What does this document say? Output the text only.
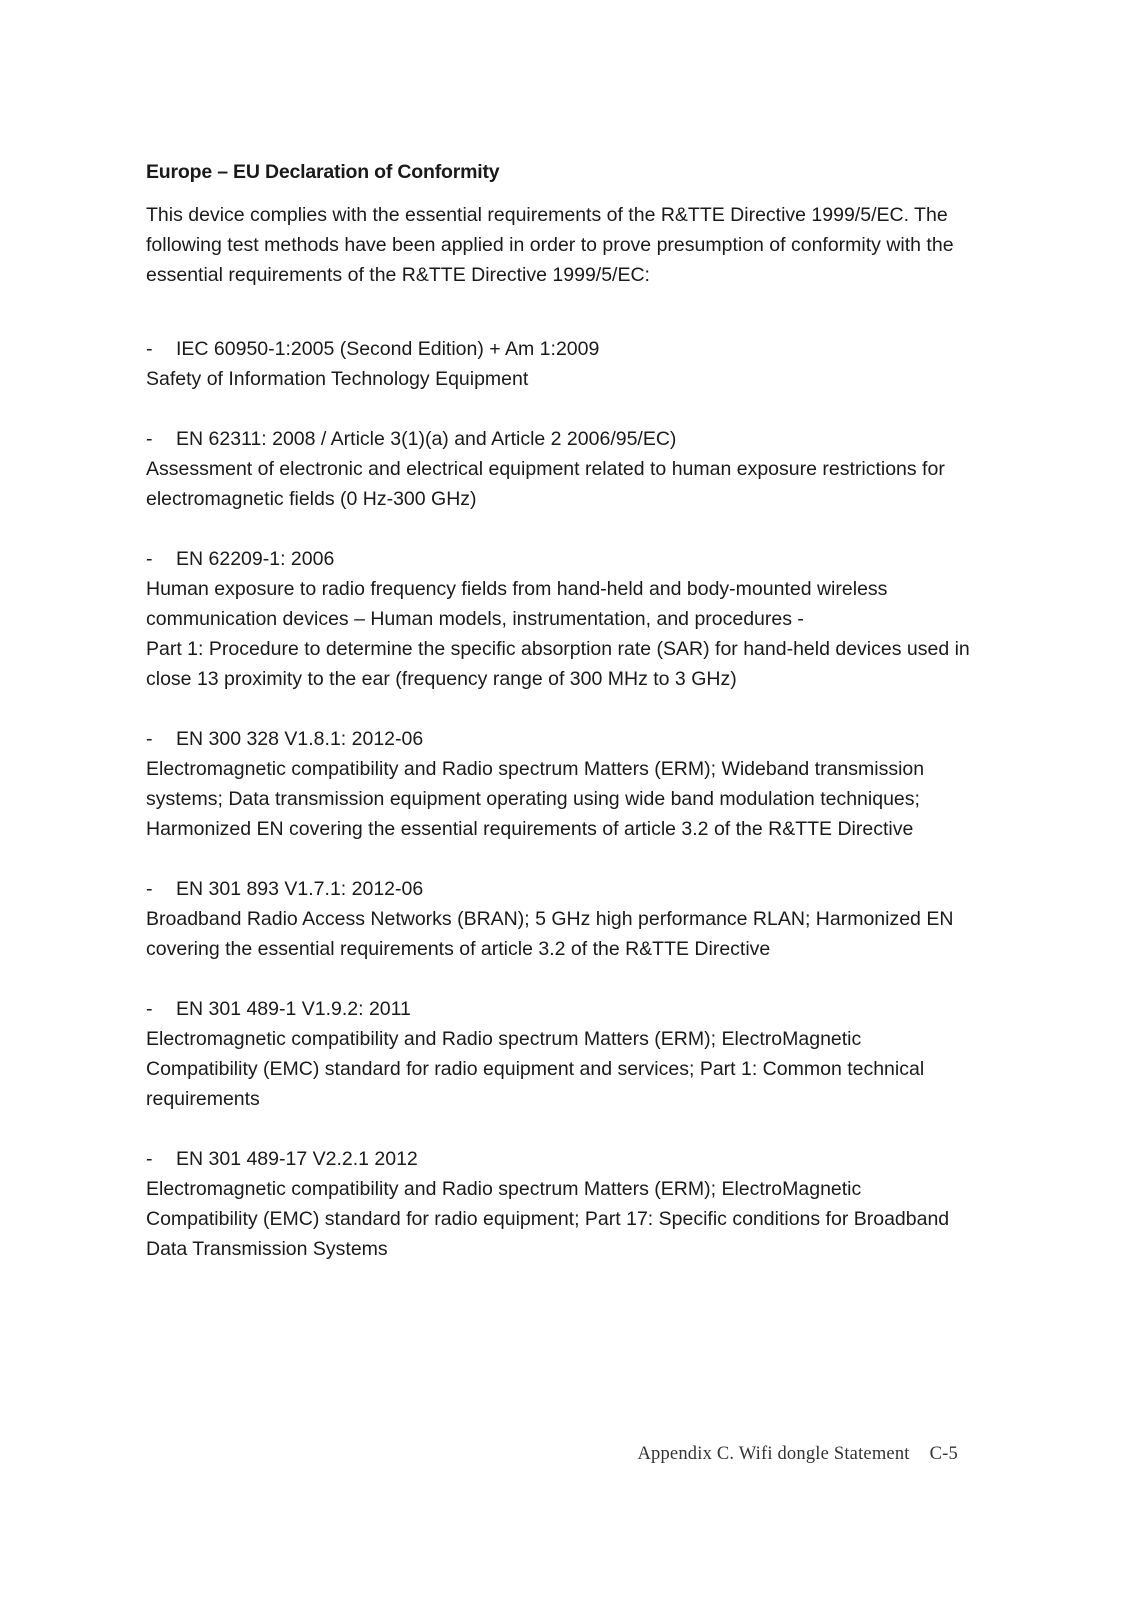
Europe – EU Declaration of Conformity

This device complies with the essential requirements of the R&TTE Directive 1999/5/EC. The following test methods have been applied in order to prove presumption of conformity with the essential requirements of the R&TTE Directive 1999/5/EC:

-	IEC 60950-1:2005 (Second Edition) + Am 1:2009

Safety of Information Technology Equipment

-	EN 62311: 2008 / Article 3(1)(a) and Article 2 2006/95/EC)

Assessment of electronic and electrical equipment related to human exposure restrictions for
electromagnetic fields (0 Hz-300 GHz)

-	EN 62209-1: 2006

Human exposure to radio frequency fields from hand-held and body-mounted wireless
communication devices – Human models, instrumentation, and procedures -
Part 1: Procedure to determine the specific absorption rate (SAR) for hand-held devices used in
close 13 proximity to the ear (frequency range of 300 MHz to 3 GHz)

-	EN 300 328 V1.8.1: 2012-06

Electromagnetic compatibility and Radio spectrum Matters (ERM); Wideband transmission
systems; Data transmission equipment operating using wide band modulation techniques;
Harmonized EN covering the essential requirements of article 3.2 of the R&TTE Directive

-	EN 301 893 V1.7.1: 2012-06

Broadband Radio Access Networks (BRAN); 5 GHz high performance RLAN; Harmonized EN
covering the essential requirements of article 3.2 of the R&TTE Directive

-	EN 301 489-1 V1.9.2: 2011

Electromagnetic compatibility and Radio spectrum Matters (ERM); ElectroMagnetic
Compatibility (EMC) standard for radio equipment and services; Part 1: Common technical
requirements

-	EN 301 489-17 V2.2.1 2012

Electromagnetic compatibility and Radio spectrum Matters (ERM); ElectroMagnetic
Compatibility (EMC) standard for radio equipment; Part 17: Specific conditions for Broadband
Data Transmission Systems

Appendix C. Wifi dongle Statement C-5
